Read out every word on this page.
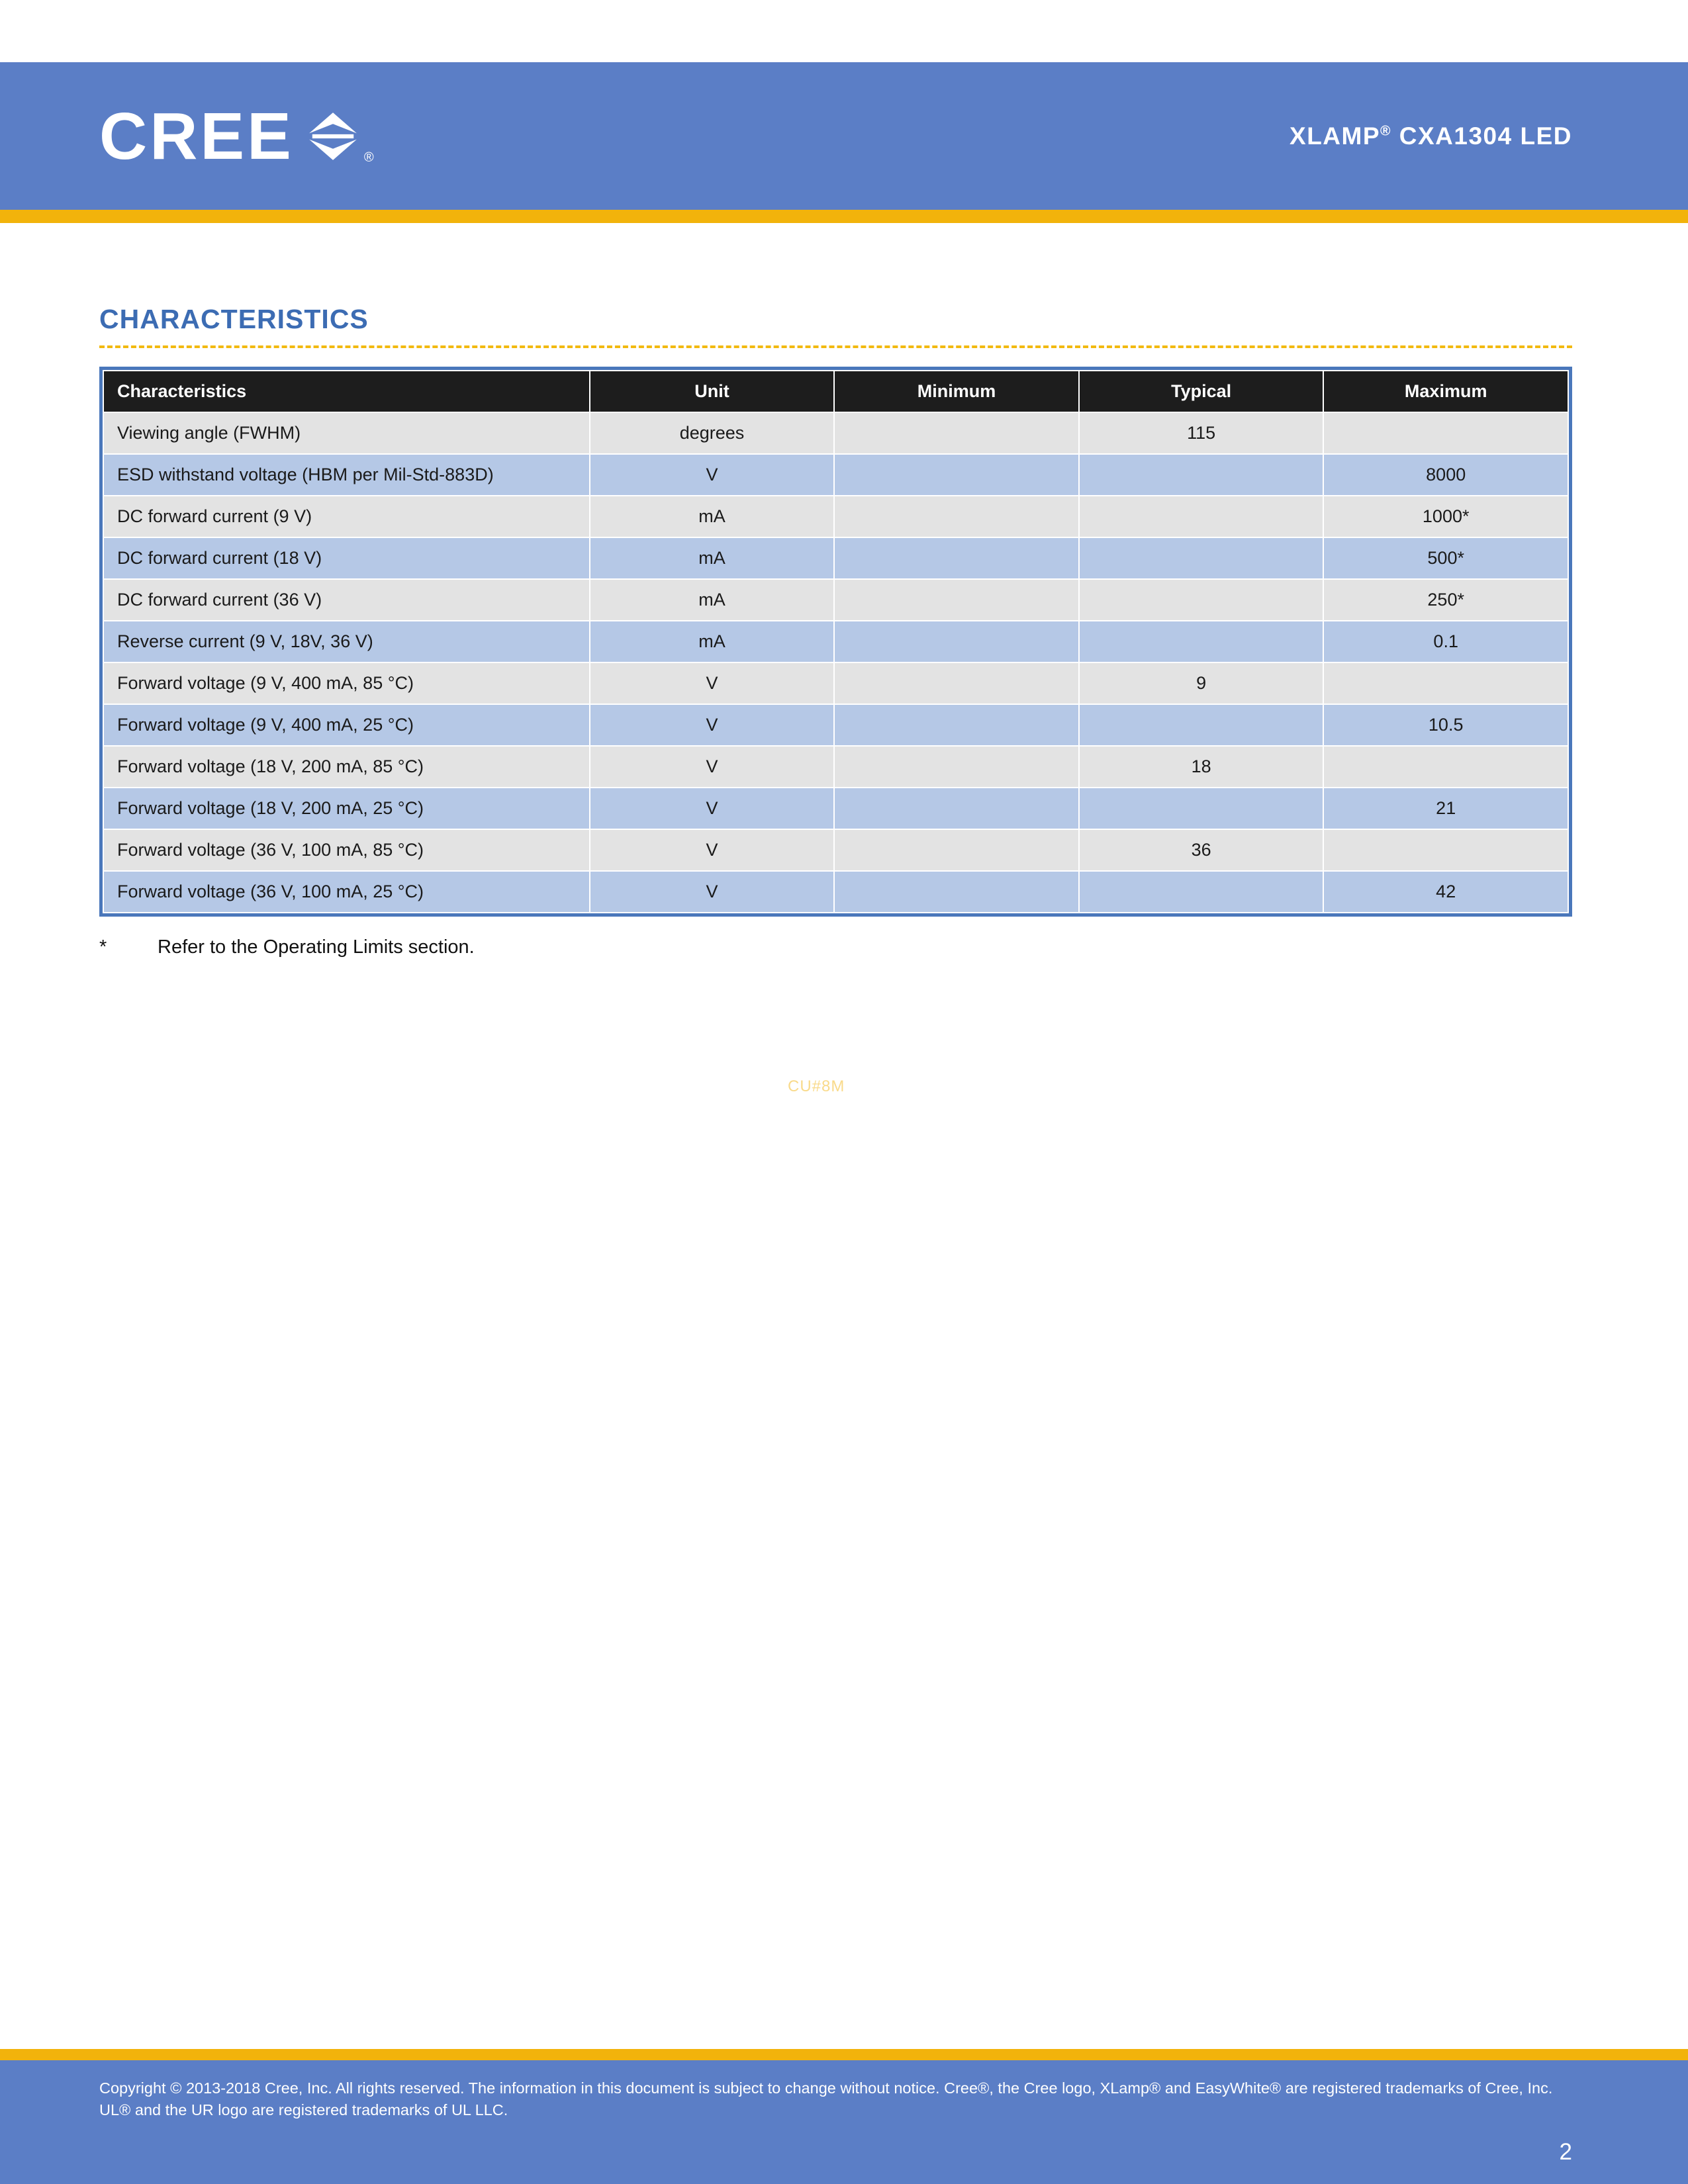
CREE	®
XLAMP® CXA1304 LED
CHARACTERISTICS
Characteristics	Unit	Minimum	Typical	Maximum
Viewing angle (FWHM)	degrees		115	
ESD withstand voltage (HBM per Mil-Std-883D)	V			8000
DC forward current (9 V)	mA			1000*
DC forward current (18 V)	mA			500*
DC forward current (36 V)	mA			250*
Reverse current (9 V, 18V, 36 V)	mA			0.1
Forward voltage (9 V, 400 mA, 85 °C)	V		9	
Forward voltage (9 V, 400 mA, 25 °C)	V			10.5
Forward voltage (18 V, 200 mA, 85 °C)	V		18	
Forward voltage (18 V, 200 mA, 25 °C)	V			21
Forward voltage (36 V, 100 mA, 85 °C)	V		36	
Forward voltage (36 V, 100 mA, 25 °C)	V			42
*	Refer to the Operating Limits section.
CU#8M
Copyright © 2013-2018 Cree, Inc. All rights reserved. The information in this document is subject to change without notice. Cree®, the Cree logo, XLamp® and EasyWhite® are registered trademarks of Cree, Inc. UL® and the UR logo are registered trademarks of UL LLC.
2
